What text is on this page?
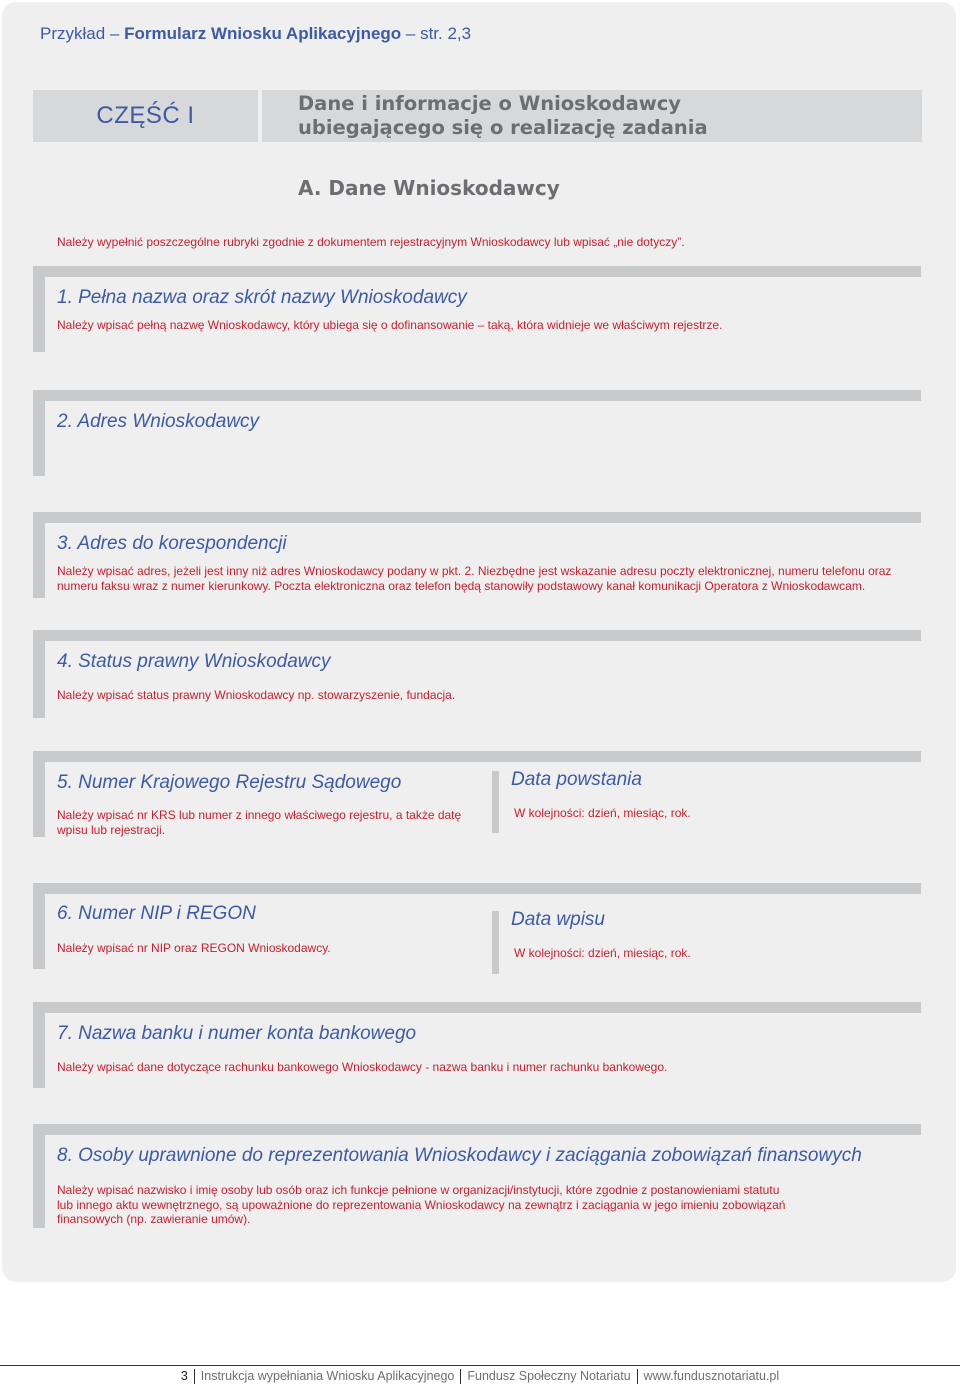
Przykład – Formularz Wniosku Aplikacyjnego – str. 2,3
CZĘŚĆ I	Dane i informacje o Wnioskodawcy
ubiegającego się o realizację zadania
A. Dane Wnioskodawcy
Należy wypełnić poszczególne rubryki zgodnie z dokumentem rejestracyjnym Wnioskodawcy lub wpisać „nie dotyczy”.
1. Pełna nazwa oraz skrót nazwy Wnioskodawcy
Należy wpisać pełną nazwę Wnioskodawcy, który ubiega się o dofinansowanie – taką, która widnieje we właściwym rejestrze.
2. Adres Wnioskodawcy
3. Adres do korespondencji
Należy wpisać adres, jeżeli jest inny niż adres Wnioskodawcy podany w pkt. 2. Niezbędne jest wskazanie adresu poczty elektronicznej, numeru telefonu oraz
numeru faksu wraz z numer kierunkowy. Poczta elektroniczna oraz telefon będą stanowiły podstawowy kanał komunikacji Operatora z Wnioskodawcam.
4. Status prawny Wnioskodawcy
Należy wpisać status prawny Wnioskodawcy np. stowarzyszenie, fundacja.
5. Numer Krajowego Rejestru Sądowego
Należy wpisać nr KRS lub numer z innego właściwego rejestru, a także datę
wpisu lub rejestracji.
Data powstania
W kolejności: dzień, miesiąc, rok.
6. Numer NIP i REGON
Należy wpisać nr NIP oraz REGON Wnioskodawcy.
Data wpisu
W kolejności: dzień, miesiąc, rok.
7. Nazwa banku i numer konta bankowego
Należy wpisać dane dotyczące rachunku bankowego Wnioskodawcy - nazwa banku i numer rachunku bankowego.
8. Osoby uprawnione do reprezentowania Wnioskodawcy i zaciągania zobowiązań finansowych
Należy wpisać nazwisko i imię osoby lub osób oraz ich funkcje pełnione w organizacji/instytucji, które zgodnie z postanowieniami statutu
lub innego aktu wewnętrznego, są upoważnione do reprezentowania Wnioskodawcy na zewnątrz i zaciągania w jego imieniu zobowiązań
finansowych (np. zawieranie umów).
3 Instrukcja wypełniania Wniosku Aplikacyjnego Fundusz Społeczny Notariatu www.funduszno​tariatu.pl
